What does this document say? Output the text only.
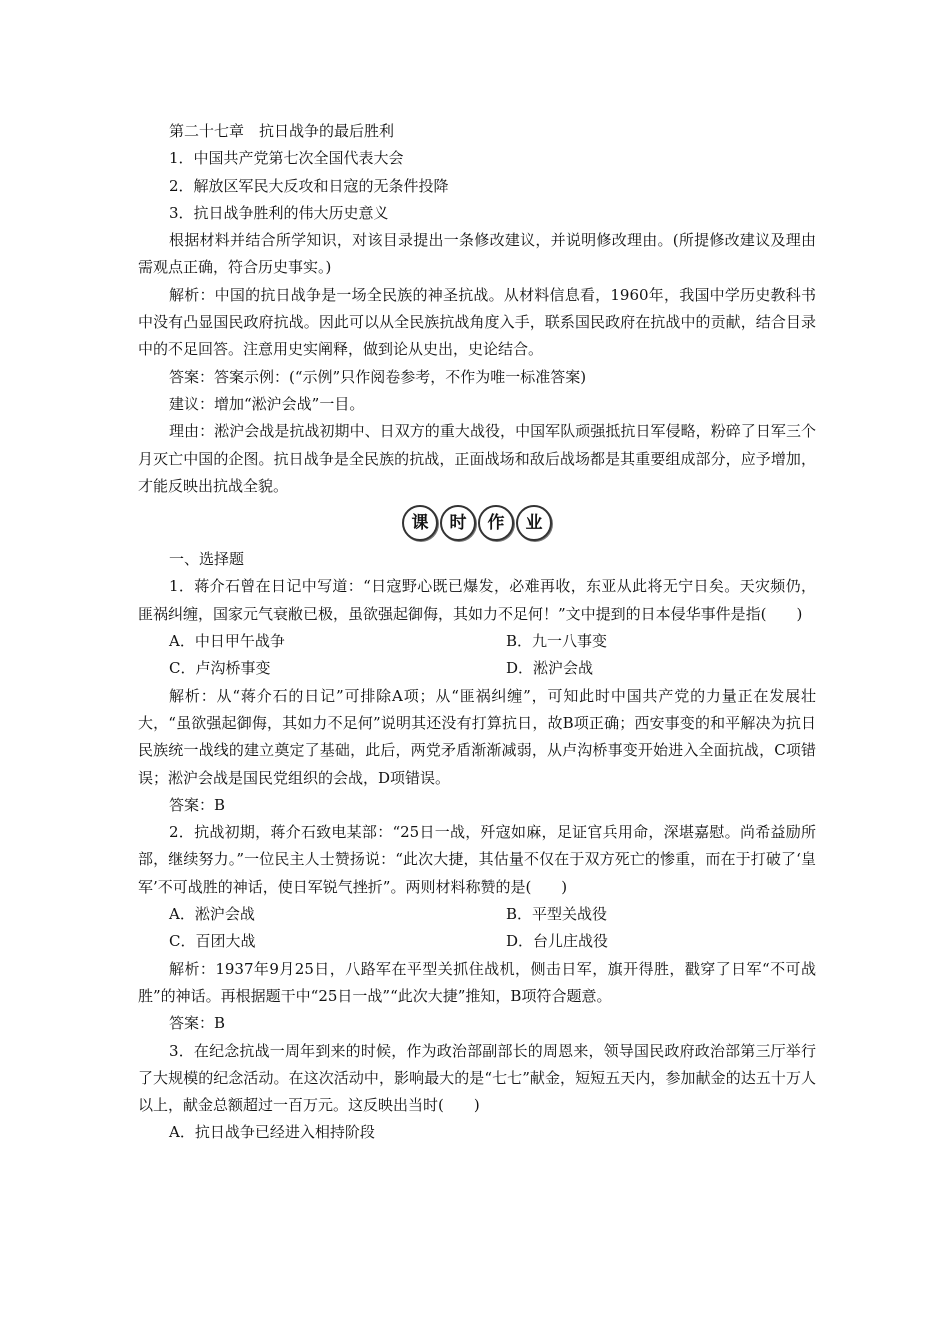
第二十七章　抗日战争的最后胜利

1．中国共产党第七次全国代表大会

2．解放区军民大反攻和日寇的无条件投降

3．抗日战争胜利的伟大历史意义

根据材料并结合所学知识，对该目录提出一条修改建议，并说明修改理由。(所提修改建议及理由需观点正确，符合历史事实。)

解析：中国的抗日战争是一场全民族的神圣抗战。从材料信息看，1960年，我国中学历史教科书中没有凸显国民政府抗战。因此可以从全民族抗战角度入手，联系国民政府在抗战中的贡献，结合目录中的不足回答。注意用史实阐释，做到论从史出，史论结合。

答案：答案示例：(“示例”只作阅卷参考，不作为唯一标准答案)

建议：增加“淞沪会战”一目。

理由：淞沪会战是抗战初期中、日双方的重大战役，中国军队顽强抵抗日军侵略，粉碎了日军三个月灭亡中国的企图。抗日战争是全民族的抗战，正面战场和敌后战场都是其重要组成部分，应予增加，才能反映出抗战全貌。

课	时	作	业

一、选择题

1．蒋介石曾在日记中写道：“日寇野心既已爆发，必难再收，东亚从此将无宁日矣。天灾频仍，匪祸纠缠，国家元气衰敝已极，虽欲强起御侮，其如力不足何！”文中提到的日本侵华事件是指(　　)

A．中日甲午战争	B．九一八事变
C．卢沟桥事变	D．淞沪会战

解析：从“蒋介石的日记”可排除A项；从“匪祸纠缠”，可知此时中国共产党的力量正在发展壮大，“虽欲强起御侮，其如力不足何”说明其还没有打算抗日，故B项正确；西安事变的和平解决为抗日民族统一战线的建立奠定了基础，此后，两党矛盾渐渐减弱，从卢沟桥事变开始进入全面抗战，C项错误；淞沪会战是国民党组织的会战，D项错误。

答案：B

2．抗战初期，蒋介石致电某部：“25日一战，歼寇如麻，足证官兵用命，深堪嘉慰。尚希益励所部，继续努力。”一位民主人士赞扬说：“此次大捷，其估量不仅在于双方死亡的惨重，而在于打破了‘皇军’不可战胜的神话，使日军锐气挫折”。两则材料称赞的是(　　)

A．淞沪会战	B．平型关战役
C．百团大战	D．台儿庄战役

解析：1937年9月25日，八路军在平型关抓住战机，侧击日军，旗开得胜，戳穿了日军“不可战胜”的神话。再根据题干中“25日一战”“此次大捷”推知，B项符合题意。

答案：B

3．在纪念抗战一周年到来的时候，作为政治部副部长的周恩来，领导国民政府政治部第三厅举行了大规模的纪念活动。在这次活动中，影响最大的是“七七”献金，短短五天内，参加献金的达五十万人以上，献金总额超过一百万元。这反映出当时(　　)

A．抗日战争已经进入相持阶段
